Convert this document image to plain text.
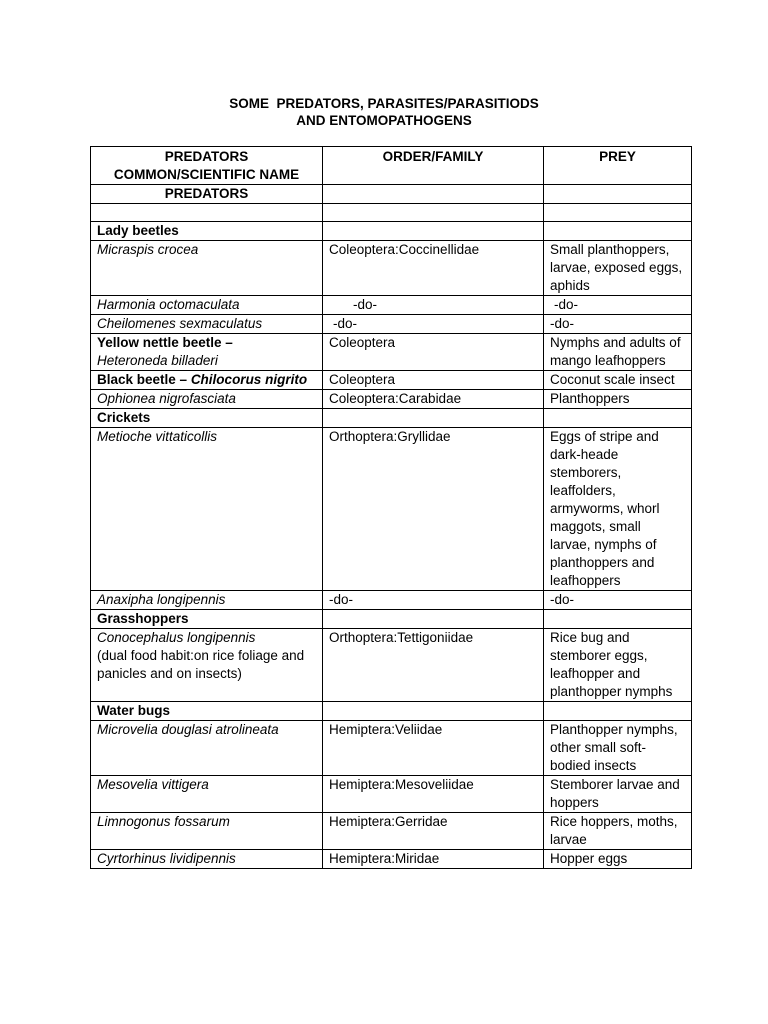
SOME  PREDATORS, PARASITES/PARASITIODS
AND ENTOMOPATHOGENS
PREDATORS
COMMON/SCIENTIFIC NAME	ORDER/FAMILY	PREY
PREDATORS		

Lady beetles		
Micraspis crocea	Coleoptera:Coccinellidae	Small planthoppers, larvae, exposed eggs, aphids
Harmonia octomaculata	-do-	-do-
Cheilomenes sexmaculatus	-do-	-do-

Yellow nettle beetle –
Heteroneda billaderi	Coleoptera	Nymphs and adults of mango leafhoppers
Black beetle – Chilocorus nigrito	Coleoptera	Coconut scale insect
Ophionea nigrofasciata	Coleoptera:Carabidae	Planthoppers
Crickets		
Metioche vittaticollis	Orthoptera:Gryllidae	Eggs of stripe and dark-heade stemborers, leaffolders, armyworms, whorl maggots, small larvae, nymphs of planthoppers and leafhoppers
Anaxipha longipennis	-do-	-do-
Grasshoppers		

Conocephalus longipennis
(dual food habit:on rice foliage and panicles and on insects)	Orthoptera:Tettigoniidae	Rice bug and stemborer eggs, leafhopper and planthopper nymphs
Water bugs		
Microvelia douglasi atrolineata	Hemiptera:Veliidae	Planthopper nymphs, other small soft-bodied insects
Mesovelia vittigera	Hemiptera:Mesoveliidae	Stemborer larvae and hoppers
Limnogonus fossarum	Hemiptera:Gerridae	Rice hoppers, moths, larvae
Cyrtorhinus lividipennis	Hemiptera:Miridae	Hopper eggs
